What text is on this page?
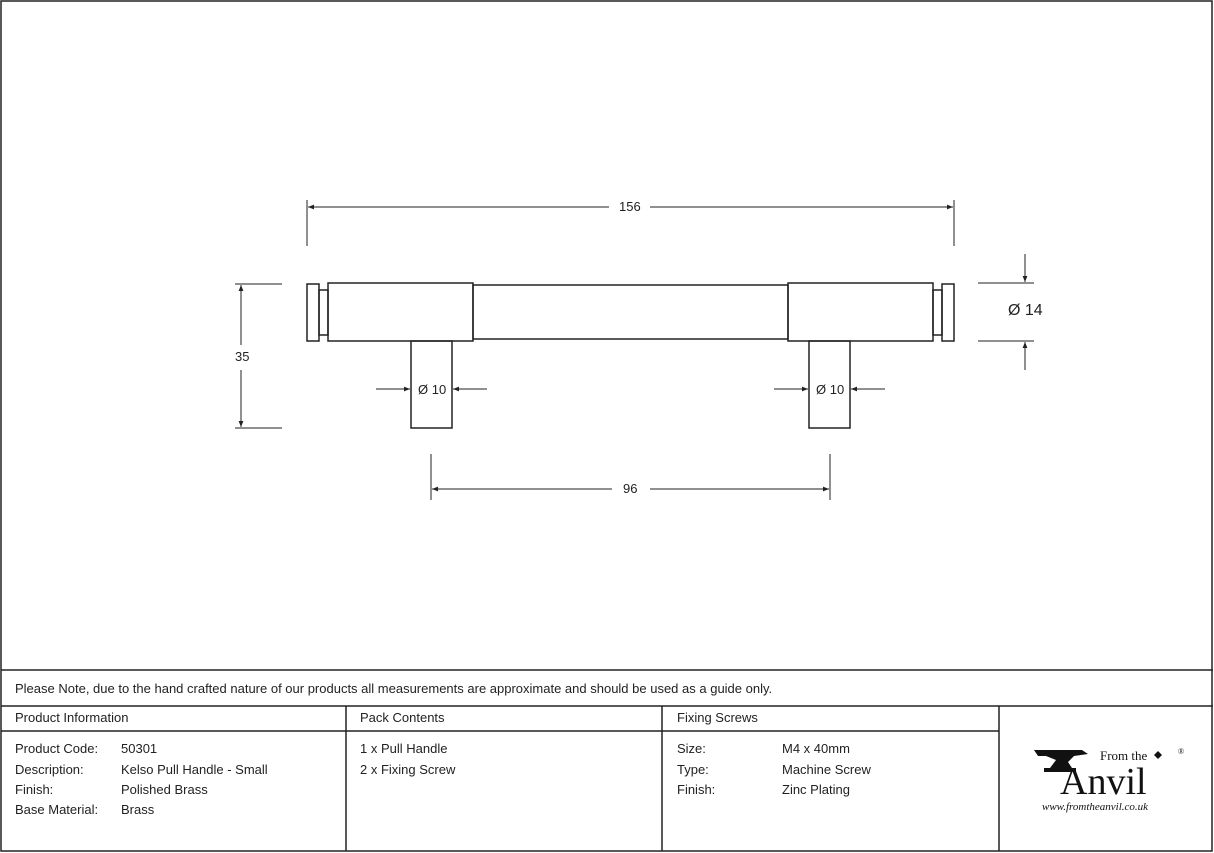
156
35
Ø 14
Ø 10	Ø 10
96
Please Note, due to the hand crafted nature of our products all measurements are approximate and should be used as a guide only.
Product Information
Product Code: 50301
Description:	Kelso Pull Handle - Small
Finish:	Polished Brass
Base Material: Brass
Pack Contents
1 x Pull Handle
2 x Fixing Screw
Fixing Screws
Size:	M4 x 40mm
Type:	Machine Screw
Finish:	Zinc Plating
From the	®
Anvil
www.fromtheanvil.co.uk
